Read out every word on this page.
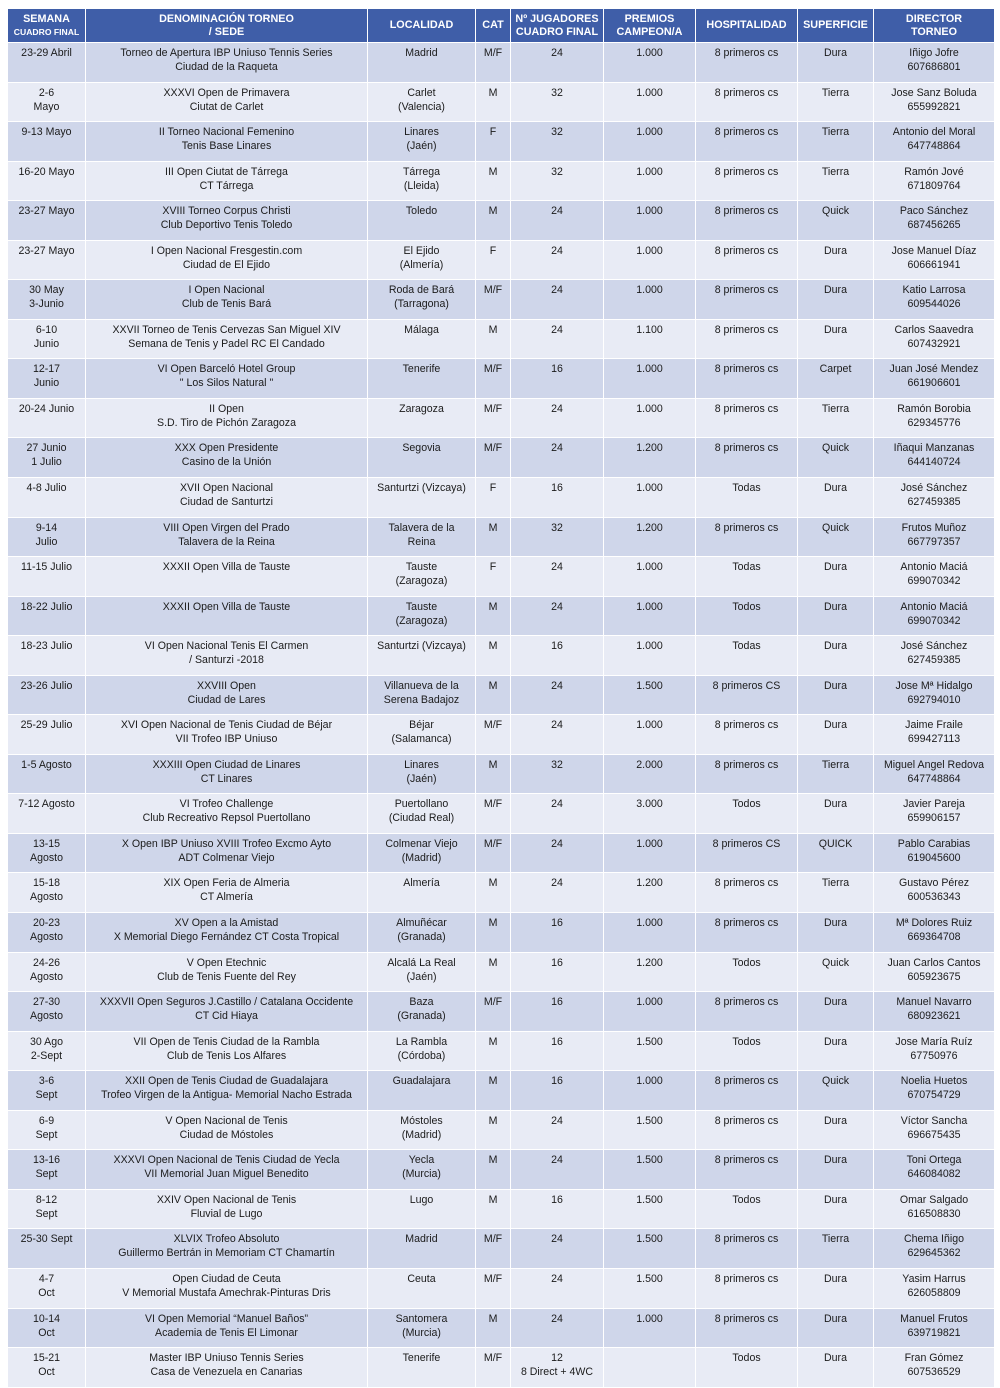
SEMANA
CUADRO FINAL	DENOMINACIÓN TORNEO
/ SEDE	LOCALIDAD	CAT	Nº JUGADORES
CUADRO FINAL	PREMIOS
CAMPEON/A	HOSPITALIDAD	SUPERFICIE	DIRECTOR
TORNEO

23-29 Abril	Torneo de Apertura IBP Uniuso Tennis Series
Ciudad de la Raqueta	Madrid	M/F	24	1.000	8 primeros cs	Dura	Iñigo Jofre
607686801

2-6
Mayo	XXXVI Open de Primavera
Ciutat de Carlet	Carlet
(Valencia)	M	32	1.000	8 primeros cs	Tierra	Jose Sanz Boluda
655992821

9-13 Mayo	II Torneo Nacional Femenino
Tenis Base Linares	Linares
(Jaén)	F	32	1.000	8 primeros cs	Tierra	Antonio del Moral
647748864

16-20 Mayo	III Open Ciutat de Tárrega
CT Tárrega	Tárrega
(Lleida)	M	32	1.000	8 primeros cs	Tierra	Ramón Jové
671809764

23-27 Mayo	XVIII Torneo Corpus Christi
Club Deportivo Tenis Toledo	Toledo	M	24	1.000	8 primeros cs	Quick	Paco Sánchez
687456265

23-27 Mayo	I Open Nacional Fresgestin.com
Ciudad de El Ejido	El Ejido
(Almería)	F	24	1.000	8 primeros cs	Dura	Jose Manuel Díaz
606661941

30 May
3-Junio	I Open Nacional
Club de Tenis Bará	Roda de Bará
(Tarragona)	M/F	24	1.000	8 primeros cs	Dura	Katio Larrosa
609544026

6-10
Junio	XXVII Torneo de Tenis Cervezas San Miguel XIV
Semana de Tenis y Padel RC El Candado	Málaga	M	24	1.100	8 primeros cs	Dura	Carlos Saavedra
607432921

12-17
Junio	VI Open Barceló Hotel Group
" Los Silos Natural "	Tenerife	M/F	16	1.000	8 primeros cs	Carpet	Juan José Mendez
661906601

20-24 Junio	II Open
S.D. Tiro de Pichón Zaragoza	Zaragoza	M/F	24	1.000	8 primeros cs	Tierra	Ramón Borobia
629345776

27 Junio
1 Julio	XXX Open Presidente
Casino de la Unión	Segovia	M/F	24	1.200	8 primeros cs	Quick	Iñaqui Manzanas
644140724

4-8 Julio	XVII Open Nacional
Ciudad de Santurtzi	Santurtzi (Vizcaya)	F	16	1.000	Todas	Dura	José Sánchez
627459385

9-14
Julio	VIII Open Virgen del Prado
Talavera de la Reina	Talavera de la
Reina	M	32	1.200	8 primeros cs	Quick	Frutos Muñoz
667797357

11-15 Julio	XXXII Open Villa de Tauste	Tauste
(Zaragoza)	F	24	1.000	Todas	Dura	Antonio Maciá
699070342

18-22 Julio	XXXII Open Villa de Tauste	Tauste
(Zaragoza)	M	24	1.000	Todos	Dura	Antonio Maciá
699070342

18-23 Julio	VI Open Nacional Tenis El Carmen
/ Santurzi -2018	Santurtzi (Vizcaya)	M	16	1.000	Todas	Dura	José Sánchez
627459385

23-26 Julio	XXVIII Open
Ciudad de Lares	Villanueva de la
Serena Badajoz	M	24	1.500	8 primeros CS	Dura	Jose Mª Hidalgo
692794010

25-29 Julio	XVI Open Nacional de Tenis Ciudad de Béjar
VII Trofeo IBP Uniuso	Béjar
(Salamanca)	M/F	24	1.000	8 primeros cs	Dura	Jaime Fraile
699427113

1-5 Agosto	XXXIII Open Ciudad de Linares
CT Linares	Linares
(Jaén)	M	32	2.000	8 primeros cs	Tierra	Miguel Angel Redova
647748864

7-12 Agosto	VI Trofeo Challenge
Club Recreativo Repsol Puertollano	Puertollano
(Ciudad Real)	M/F	24	3.000	Todos	Dura	Javier Pareja
659906157

13-15
Agosto	X Open IBP Uniuso XVIII Trofeo Excmo Ayto
ADT Colmenar Viejo	Colmenar Viejo
(Madrid)	M/F	24	1.000	8 primeros CS	QUICK	Pablo Carabias
619045600

15-18
Agosto	XIX Open Feria de Almeria
CT Almería	Almería	M	24	1.200	8 primeros cs	Tierra	Gustavo Pérez
600536343

20-23
Agosto	XV Open a la Amistad
X Memorial Diego Fernández CT Costa Tropical	Almuñécar
(Granada)	M	16	1.000	8 primeros cs	Dura	Mª Dolores Ruiz
669364708

24-26
Agosto	V Open Etechnic
Club de Tenis Fuente del Rey	Alcalá La Real
(Jaén)	M	16	1.200	Todos	Quick	Juan Carlos Cantos
605923675

27-30
Agosto	XXXVII Open Seguros J.Castillo / Catalana Occidente
CT Cid Hiaya	Baza
(Granada)	M/F	16	1.000	8 primeros cs	Dura	Manuel Navarro
680923621

30 Ago
2-Sept	VII Open de Tenis Ciudad de la Rambla
Club de Tenis Los Alfares	La Rambla
(Córdoba)	M	16	1.500	Todos	Dura	Jose María Ruíz
67750976

3-6
Sept	XXII Open de Tenis Ciudad de Guadalajara
Trofeo Virgen de la Antigua- Memorial Nacho Estrada	Guadalajara	M	16	1.000	8 primeros cs	Quick	Noelia Huetos
670754729

6-9
Sept	V Open Nacional de Tenis
Ciudad de Móstoles	Móstoles
(Madrid)	M	24	1.500	8 primeros cs	Dura	Víctor Sancha
696675435

13-16
Sept	XXXVI Open Nacional de Tenis Ciudad de Yecla
VII Memorial Juan Miguel Benedito	Yecla
(Murcia)	M	24	1.500	8 primeros cs	Dura	Toni Ortega
646084082

8-12
Sept	XXIV Open Nacional de Tenis
Fluvial de Lugo	Lugo	M	16	1.500	Todos	Dura	Omar Salgado
616508830

25-30 Sept	XLVIX Trofeo Absoluto
Guillermo Bertrán in Memoriam CT Chamartín	Madrid	M/F	24	1.500	8 primeros cs	Tierra	Chema Iñigo
629645362

4-7
Oct	Open Ciudad de Ceuta
V Memorial Mustafa Amechrak-Pinturas Dris	Ceuta	M/F	24	1.500	8 primeros cs	Dura	Yasim Harrus
626058809

10-14
Oct	VI Open Memorial “Manuel Baños”
Academia de Tenis El Limonar	Santomera
(Murcia)	M	24	1.000	8 primeros cs	Dura	Manuel Frutos
639719821

15-21
Oct	Master IBP Uniuso Tennis Series
Casa de Venezuela en Canarias	Tenerife	M/F	12
8 Direct + 4WC		Todos	Dura	Fran Gómez
607536529
